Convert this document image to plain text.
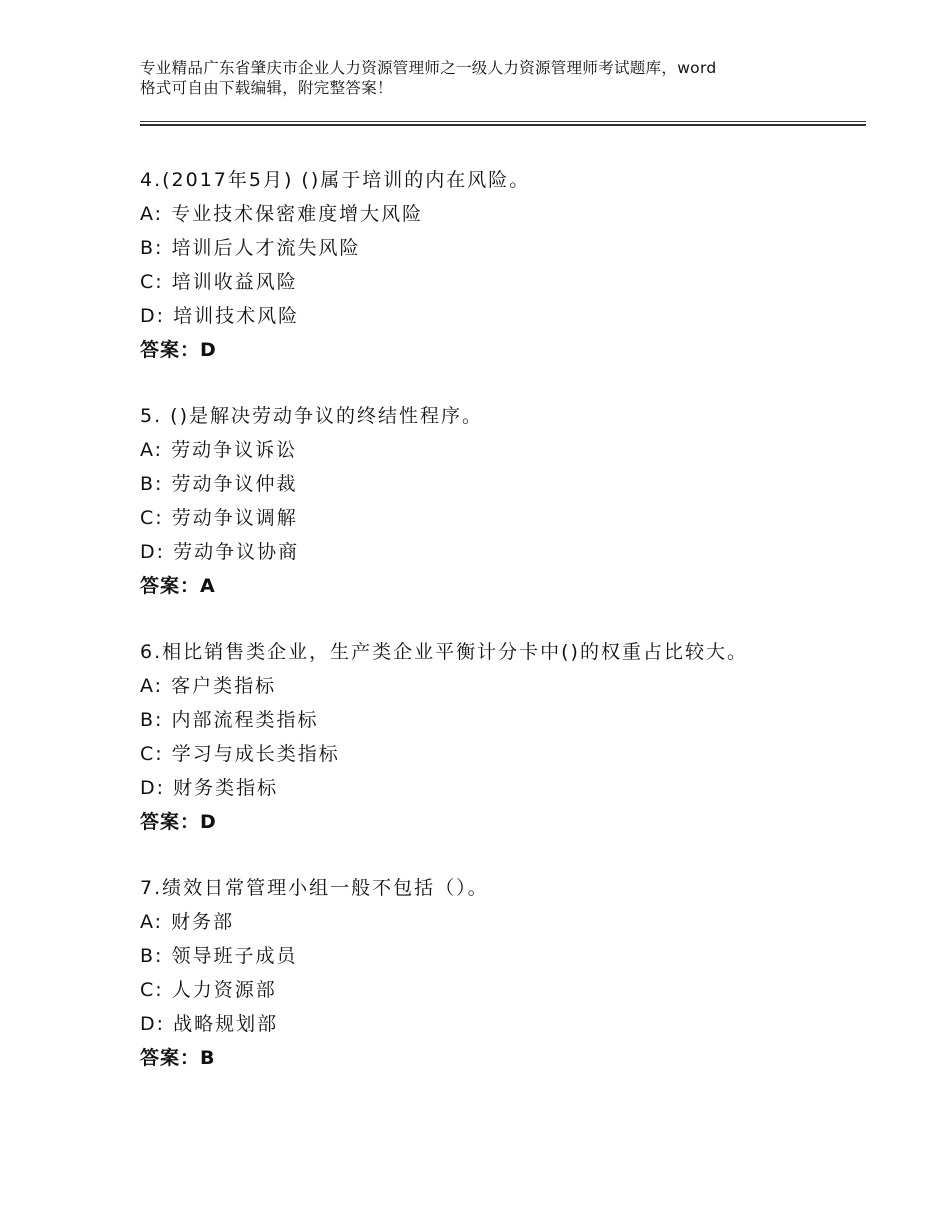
专业精品广东省肇庆市企业人力资源管理师之一级人力资源管理师考试题库，word
格式可自由下载编辑，附完整答案！
4.(2017年5月) ()属于培训的内在风险。
A: 专业技术保密难度增大风险
B: 培训后人才流失风险
C: 培训收益风险
D: 培训技术风险
答案：D
5. ()是解决劳动争议的终结性程序。
A: 劳动争议诉讼
B: 劳动争议仲裁
C: 劳动争议调解
D: 劳动争议协商
答案：A
6.相比销售类企业，生产类企业平衡计分卡中()的权重占比较大。
A: 客户类指标
B: 内部流程类指标
C: 学习与成长类指标
D: 财务类指标
答案：D
7.绩效日常管理小组一般不包括（）。
A: 财务部
B: 领导班子成员
C: 人力资源部
D: 战略规划部
答案：B
